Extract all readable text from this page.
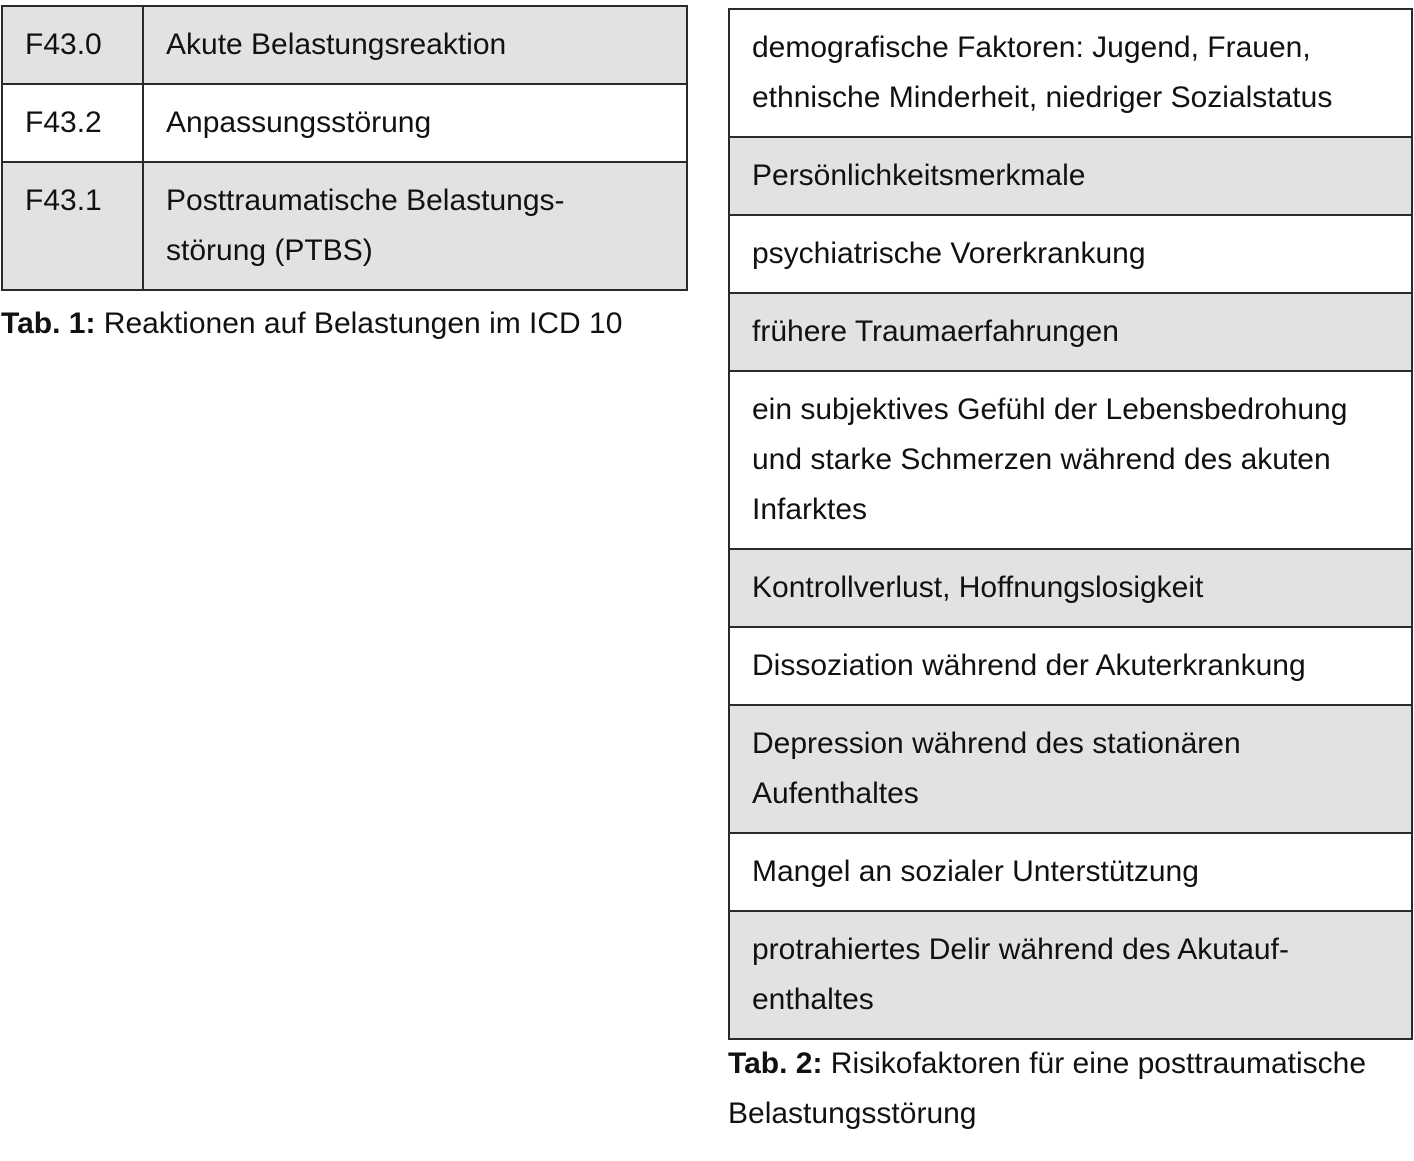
F43.0	Akute Belastungsreaktion
F43.2	Anpassungsstörung
F43.1	Posttraumatische Belastungs-
störung (PTBS)

Tab. 1: Reaktionen auf Belastungen im ICD 10

demografische Faktoren: Jugend, Frauen, ethnische Minderheit, niedriger Sozialstatus
Persönlichkeitsmerkmale
psychiatrische Vorerkrankung
frühere Traumaerfahrungen
ein subjektives Gefühl der Lebensbedrohung und starke Schmerzen während des akuten Infarktes
Kontrollverlust, Hoffnungslosigkeit
Dissoziation während der Akuterkrankung
Depression während des stationären Aufenthaltes
Mangel an sozialer Unterstützung
protrahiertes Delir während des Akutauf-
enthaltes

Tab. 2: Risikofaktoren für eine posttraumatische Belastungsstörung
